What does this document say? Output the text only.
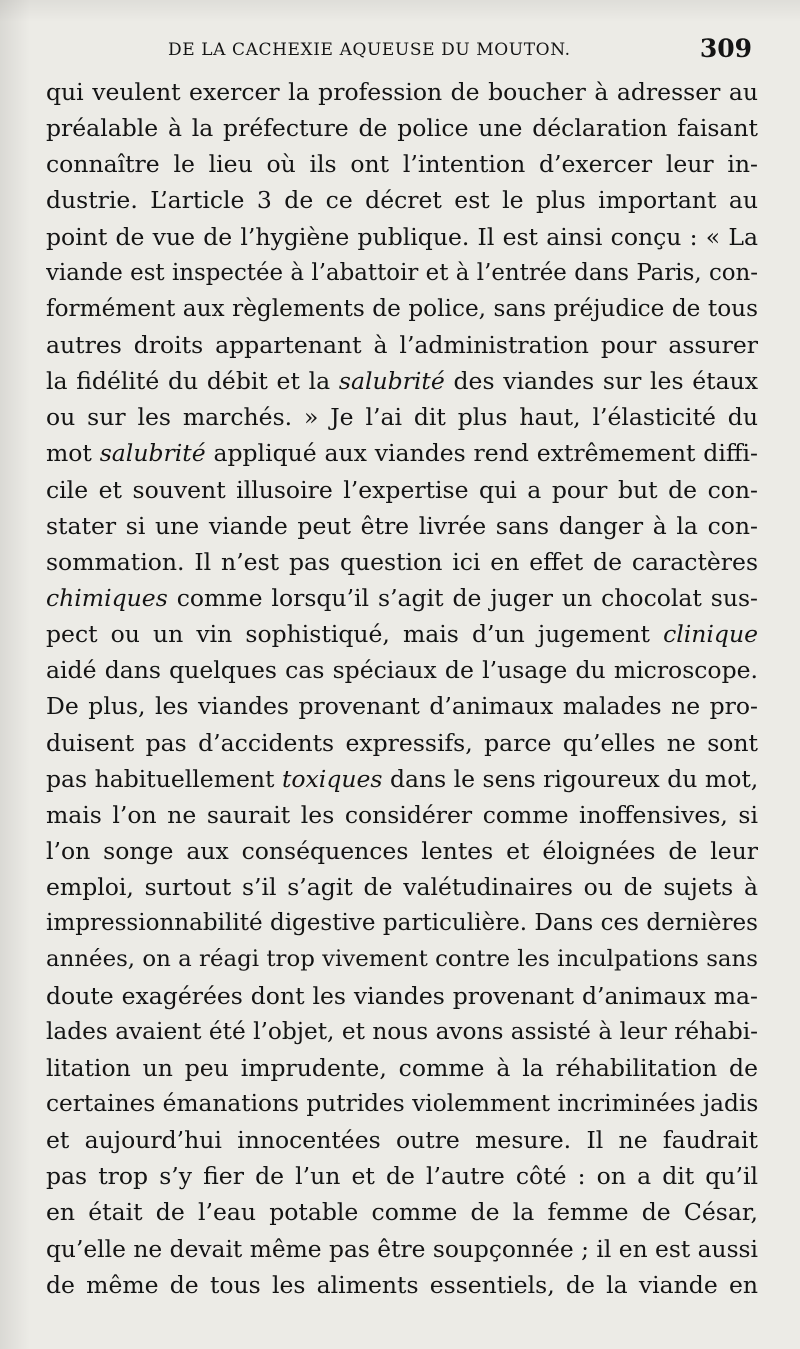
DE LA CACHEXIE AQUEUSE DU MOUTON.	309
qui veulent exercer la profession de boucher à adresser au
préalable à la préfecture de police une déclaration faisant
connaître le lieu où ils ont l’intention d’exercer leur in-
dustrie. L’article 3 de ce décret est le plus important au
point de vue de l’hygiène publique. Il est ainsi conçu : « La
viande est inspectée à l’abattoir et à l’entrée dans Paris, con-
formément aux règlements de police, sans préjudice de tous
autres droits appartenant à l’administration pour assurer
la fidélité du débit et la salubrité des viandes sur les étaux
ou sur les marchés. » Je l’ai dit plus haut, l’élasticité du
mot salubrité appliqué aux viandes rend extrêmement diffi-
cile et souvent illusoire l’expertise qui a pour but de con-
stater si une viande peut être livrée sans danger à la con-
sommation. Il n’est pas question ici en effet de caractères
chimiques comme lorsqu’il s’agit de juger un chocolat sus-
pect ou un vin sophistiqué, mais d’un jugement clinique
aidé dans quelques cas spéciaux de l’usage du microscope.
De plus, les viandes provenant d’animaux malades ne pro-
duisent pas d’accidents expressifs, parce qu’elles ne sont
pas habituellement toxiques dans le sens rigoureux du mot,
mais l’on ne saurait les considérer comme inoffensives, si
l’on songe aux conséquences lentes et éloignées de leur
emploi, surtout s’il s’agit de valétudinaires ou de sujets à
impressionnabilité digestive particulière. Dans ces dernières
années, on a réagi trop vivement contre les inculpations sans
doute exagérées dont les viandes provenant d’animaux ma-
lades avaient été l’objet, et nous avons assisté à leur réhabi-
litation un peu imprudente, comme à la réhabilitation de
certaines émanations putrides violemment incriminées jadis
et aujourd’hui innocentées outre mesure. Il ne faudrait
pas trop s’y fier de l’un et de l’autre côté : on a dit qu’il
en était de l’eau potable comme de la femme de César,
qu’elle ne devait même pas être soupçonnée ; il en est aussi
de même de tous les aliments essentiels, de la viande en
